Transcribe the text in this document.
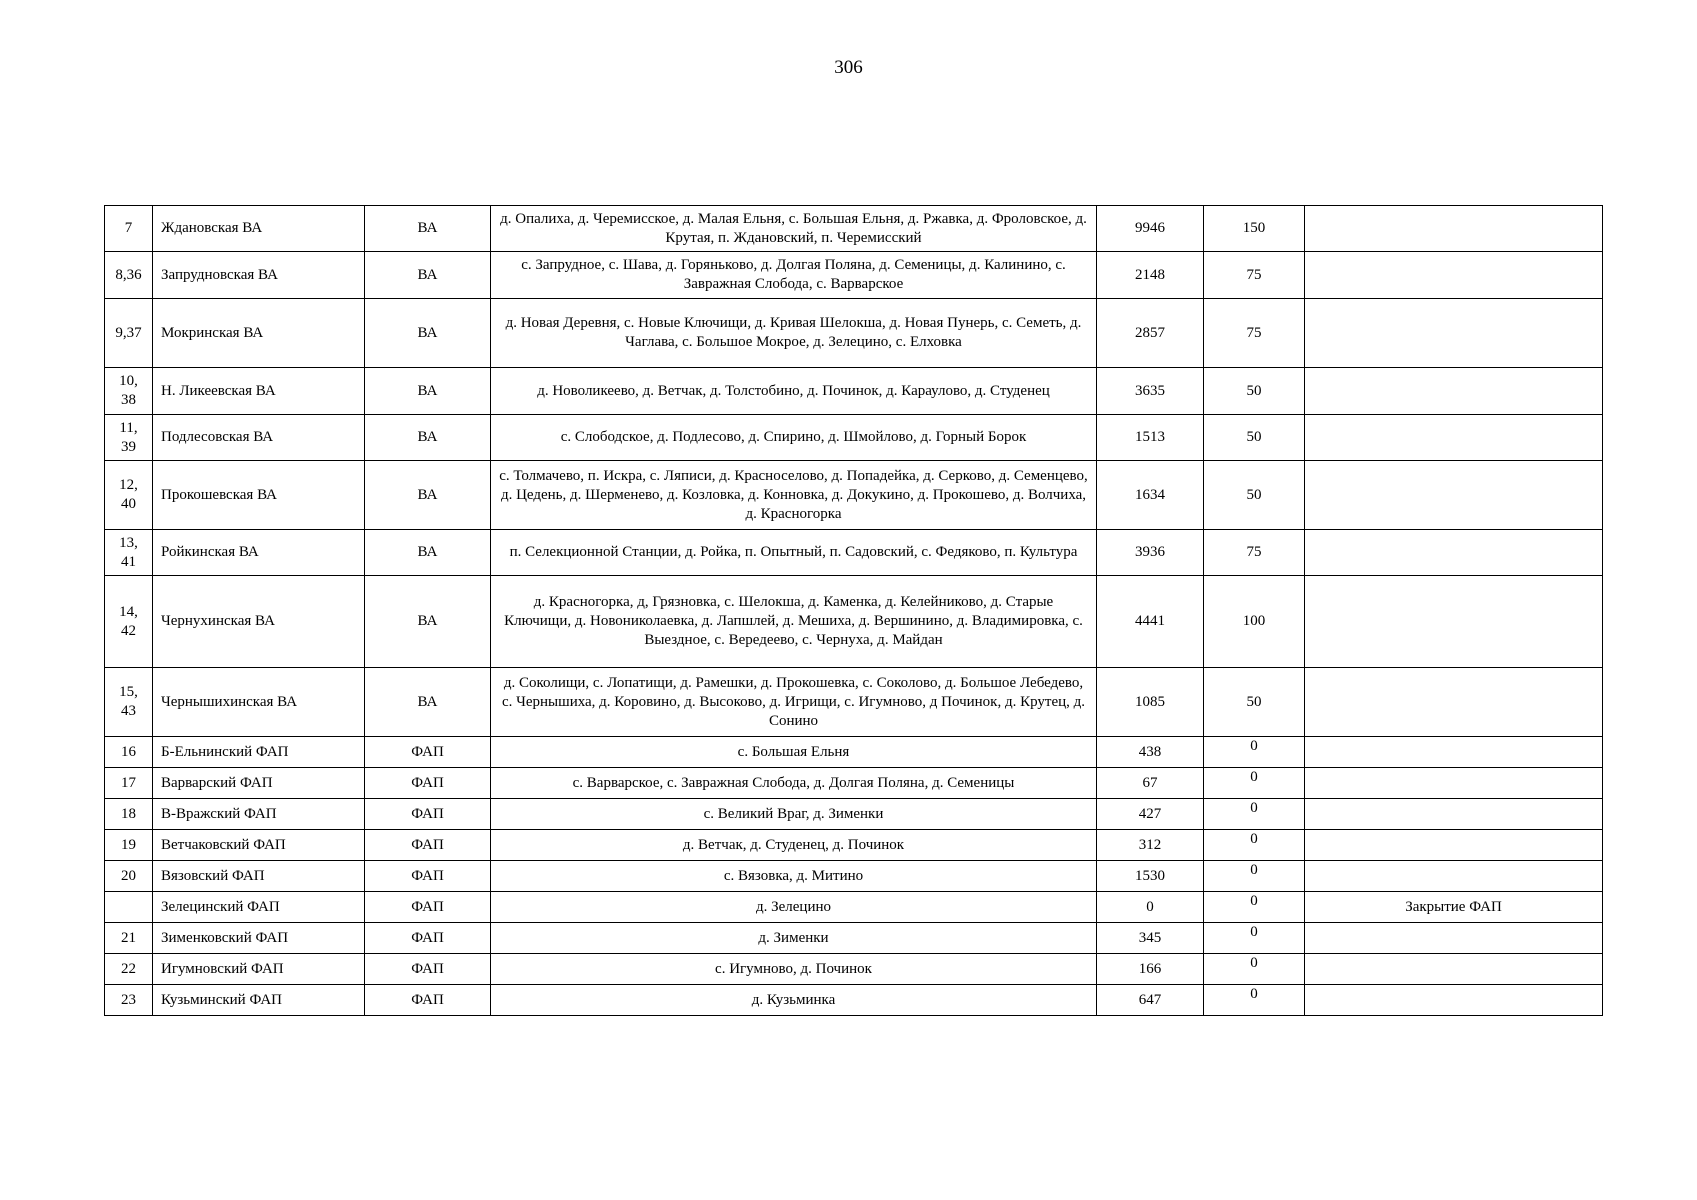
306
7	Ждановская ВА	ВА	д. Опалиха, д. Черемисское, д. Малая Ельня, с. Большая Ельня, д. Ржавка, д. Фроловское, д. Крутая, п. Ждановский, п. Черемисский	9946	150	
8,36	Запрудновская ВА	ВА	с. Запрудное, с. Шава, д. Горяньково, д. Долгая Поляна, д. Семеницы, д. Калинино, с. Завражная Слобода, с. Варварское	2148	75	
9,37	Мокринская ВА	ВА	д. Новая Деревня, с. Новые Ключищи, д. Кривая Шелокша, д. Новая Пунерь, с. Семеть, д. Чаглава, с. Большое Мокрое, д. Зелецино, с. Елховка	2857	75	
10, 38	Н. Ликеевская ВА	ВА	д. Новоликеево, д. Ветчак, д. Толстобино, д. Починок, д. Караулово, д. Студенец	3635	50	
11, 39	Подлесовская ВА	ВА	с. Слободское, д. Подлесово, д. Спирино, д. Шмойлово, д. Горный Борок	1513	50	
12, 40	Прокошевская ВА	ВА	с. Толмачево, п. Искра, с. Ляписи, д. Красноселово, д. Попадейка, д. Серково, д. Семенцево, д. Цедень, д. Шерменево, д. Козловка, д. Конновка, д. Докукино, д. Прокошево, д. Волчиха, д. Красногорка	1634	50	
13, 41	Ройкинская ВА	ВА	п. Селекционной Станции, д. Ройка, п. Опытный, п. Садовский, с. Федяково, п. Культура	3936	75	
14, 42	Чернухинская ВА	ВА	д. Красногорка, д, Грязновка, с. Шелокша, д. Каменка, д. Келейниково, д. Старые Ключищи, д. Новониколаевка, д. Лапшлей, д. Мешиха, д. Вершинино, д. Владимировка, с. Выездное, с. Вередеево, с. Чернуха, д. Майдан	4441	100	
15, 43	Чернышихинская ВА	ВА	д. Соколищи, с. Лопатищи, д. Рамешки, д. Прокошевка, с. Соколово, д. Большое Лебедево, с. Чернышиха, д. Коровино, д. Высоково, д. Игрищи, с. Игумново, д Починок, д. Крутец, д. Сонино	1085	50	
16	Б-Ельнинский ФАП	ФАП	с. Большая Ельня	438	0	
17	Варварский ФАП	ФАП	с. Варварское, с. Завражная Слобода, д. Долгая Поляна, д. Семеницы	67	0	
18	В-Вражский ФАП	ФАП	с. Великий Враг, д. Зименки	427	0	
19	Ветчаковский ФАП	ФАП	д. Ветчак, д. Студенец, д. Починок	312	0	
20	Вязовский ФАП	ФАП	с. Вязовка, д. Митино	1530	0	
	Зелецинский ФАП	ФАП	д. Зелецино	0	0	Закрытие ФАП
21	Зименковский ФАП	ФАП	д. Зименки	345	0	
22	Игумновский ФАП	ФАП	с. Игумново, д. Починок	166	0	
23	Кузьминский ФАП	ФАП	д. Кузьминка	647	0	
